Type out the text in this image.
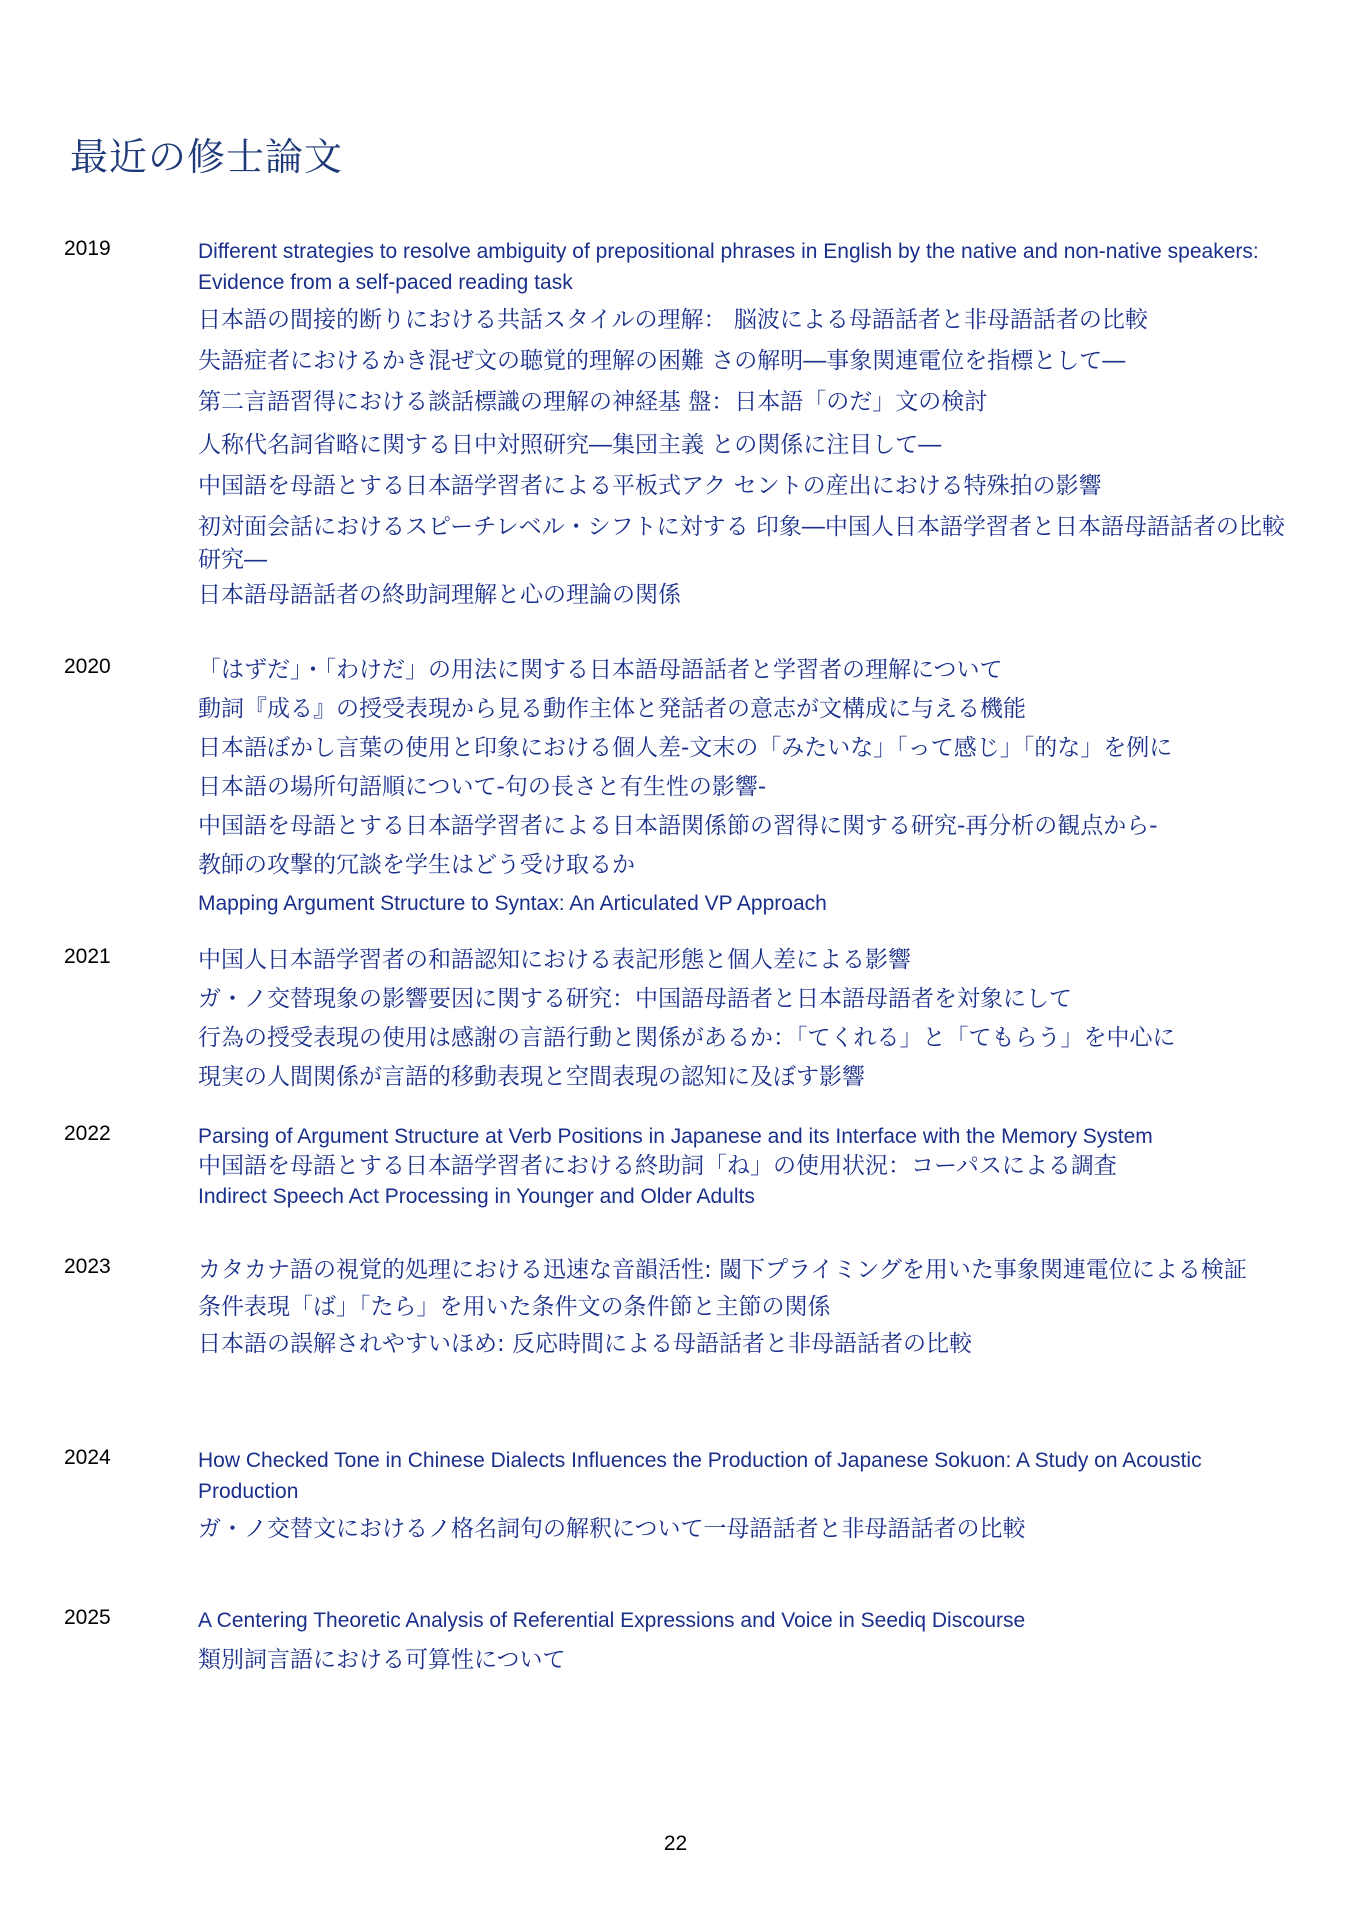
最近の修士論文
2019	Different strategies to resolve ambiguity of prepositional phrases in English by the native and non-native speakers: Evidence from a self-paced reading task
日本語の間接的断りにおける共話スタイルの理解： 脳波による母語話者と非母語話者の比較
失語症者におけるかき混ぜ文の聴覚的理解の困難 さの解明―事象関連電位を指標として―
第二言語習得における談話標識の理解の神経基 盤：日本語「のだ」文の検討
人称代名詞省略に関する日中対照研究―集団主義 との関係に注目して―
中国語を母語とする日本語学習者による平板式アク セントの産出における特殊拍の影響
初対面会話におけるスピーチレベル・シフトに対する 印象―中国人日本語学習者と日本語母語話者の比較研究―
日本語母語話者の終助詞理解と心の理論の関係
2020	「はずだ」・「わけだ」の用法に関する日本語母語話者と学習者の理解について
動詞『成る』の授受表現から見る動作主体と発話者の意志が文構成に与える機能
日本語ぼかし言葉の使用と印象における個人差-文末の「みたいな」「って感じ」「的な」を例に
日本語の場所句語順について-句の長さと有生性の影響-
中国語を母語とする日本語学習者による日本語関係節の習得に関する研究-再分析の観点から-
教師の攻撃的冗談を学生はどう受け取るか
Mapping Argument Structure to Syntax: An Articulated VP Approach
2021	中国人日本語学習者の和語認知における表記形態と個人差による影響
ガ・ノ交替現象の影響要因に関する研究：中国語母語者と日本語母語者を対象にして
行為の授受表現の使用は感謝の言語行動と関係があるか：「てくれる」と「てもらう」を中心に
現実の人間関係が言語的移動表現と空間表現の認知に及ぼす影響
2022	Parsing of Argument Structure at Verb Positions in Japanese and its Interface with the Memory System
中国語を母語とする日本語学習者における終助詞「ね」の使用状況：コーパスによる調査
Indirect Speech Act Processing in Younger and Older Adults
2023	カタカナ語の視覚的処理における迅速な音韻活性: 閾下プライミングを用いた事象関連電位による検証
条件表現「ば」「たら」を用いた条件文の条件節と主節の関係
日本語の誤解されやすいほめ: 反応時間による母語話者と非母語話者の比較
2024	How Checked Tone in Chinese Dialects Influences the Production of Japanese Sokuon: A Study on Acoustic Production
ガ・ノ交替文におけるノ格名詞句の解釈について一母語話者と非母語話者の比較
2025	A Centering Theoretic Analysis of Referential Expressions and Voice in Seediq Discourse
類別詞言語における可算性について
22
